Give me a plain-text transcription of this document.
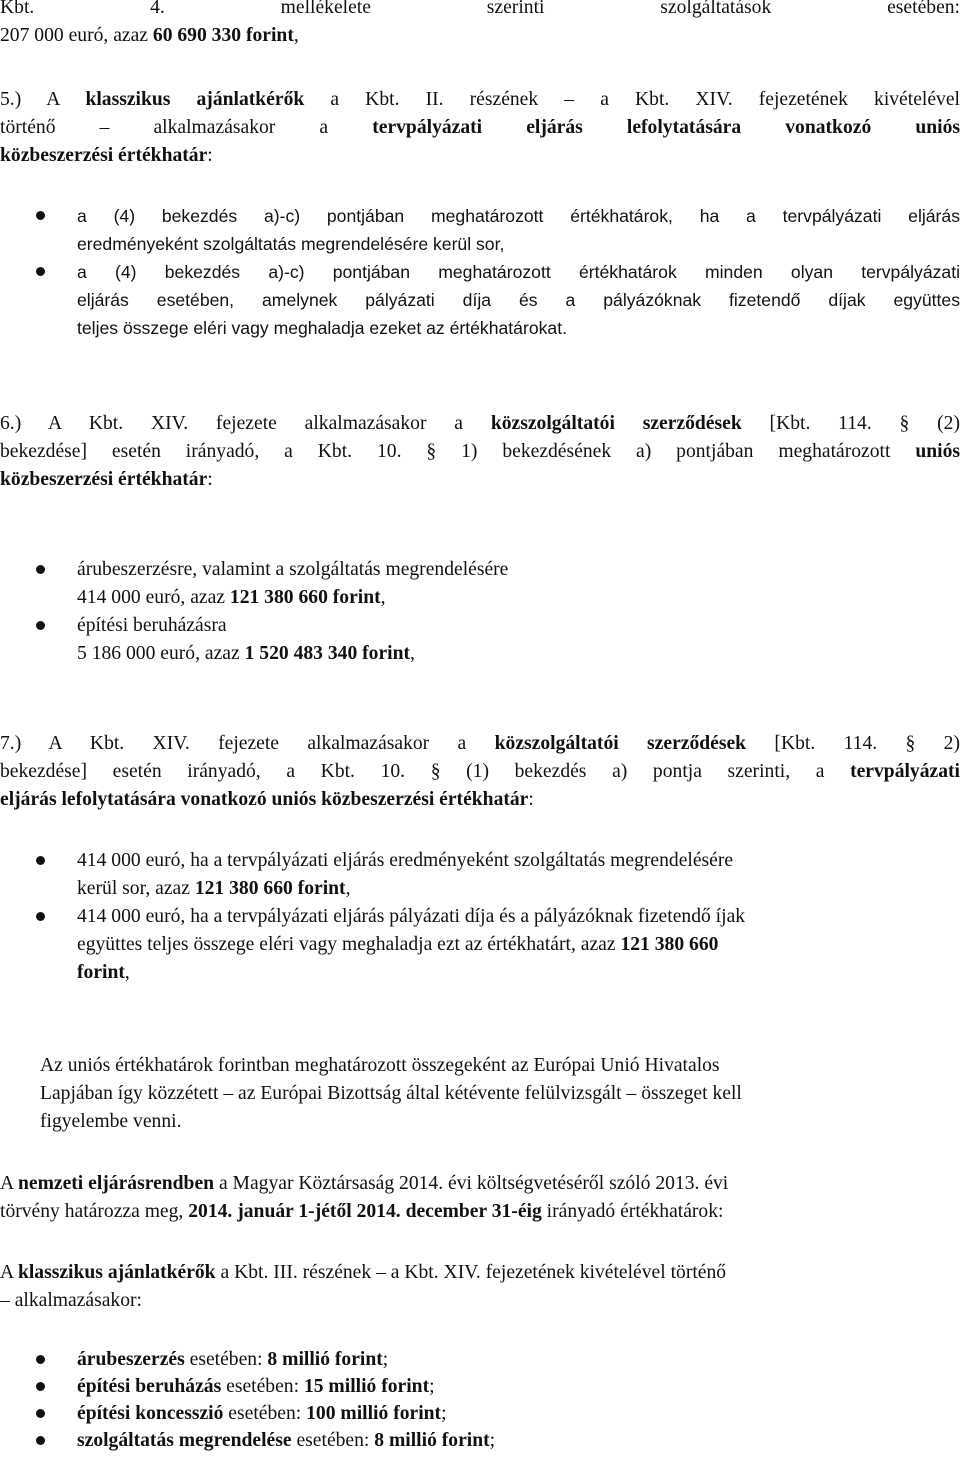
Kbt.	4.	mellékelete	szerinti	szolgáltatások	esetében:
207 000 euró, azaz 60 690 330 forint,
5.) A klasszikus ajánlatkérők a Kbt. II. részének – a Kbt. XIV. fejezetének kivételével
történő – alkalmazásakor a tervpályázati eljárás lefolytatására vonatkozó uniós
közbeszerzési értékhatár:
a (4) bekezdés a)-c) pontjában meghatározott értékhatárok, ha a tervpályázati eljárás
eredményeként szolgáltatás megrendelésére kerül sor,
a (4) bekezdés a)-c) pontjában meghatározott értékhatárok minden olyan tervpályázati
eljárás esetében, amelynek pályázati díja és a pályázóknak fizetendő díjak együttes
teljes összege eléri vagy meghaladja ezeket az értékhatárokat.
6.) A Kbt. XIV. fejezete alkalmazásakor a közszolgáltatói szerződések [Kbt. 114. § (2)
bekezdése] esetén irányadó, a Kbt. 10. § 1) bekezdésének a) pontjában meghatározott uniós
közbeszerzési értékhatár:
árubeszerzésre, valamint a szolgáltatás megrendelésére
414 000 euró, azaz 121 380 660 forint,
építési beruházásra
5 186 000 euró, azaz 1 520 483 340 forint,
7.) A Kbt. XIV. fejezete alkalmazásakor a közszolgáltatói szerződések [Kbt. 114. § 2)
bekezdése] esetén irányadó, a Kbt. 10. § (1) bekezdés a) pontja szerinti, a tervpályázati
eljárás lefolytatására vonatkozó uniós közbeszerzési értékhatár:
414 000 euró, ha a tervpályázati eljárás eredményeként szolgáltatás megrendelésére
kerül sor, azaz 121 380 660 forint,
414 000 euró, ha a tervpályázati eljárás pályázati díja és a pályázóknak fizetendő íjak
együttes teljes összege eléri vagy meghaladja ezt az értékhatárt, azaz 121 380 660
forint,
Az uniós értékhatárok forintban meghatározott összegeként az Európai Unió Hivatalos
Lapjában így közzétett – az Európai Bizottság által kétévente felülvizsgált – összeget kell
figyelembe venni.
A nemzeti eljárásrendben a Magyar Köztársaság 2014. évi költségvetéséről szóló 2013. évi
törvény határozza meg, 2014. január 1-jétől 2014. december 31-éig irányadó értékhatárok:
A klasszikus ajánlatkérők a Kbt. III. részének – a Kbt. XIV. fejezetének kivételével történő
– alkalmazásakor:
árubeszerzés esetében: 8 millió forint;
építési beruházás esetében: 15 millió forint;
építési koncesszió esetében: 100 millió forint;
szolgáltatás megrendelése esetében: 8 millió forint;
